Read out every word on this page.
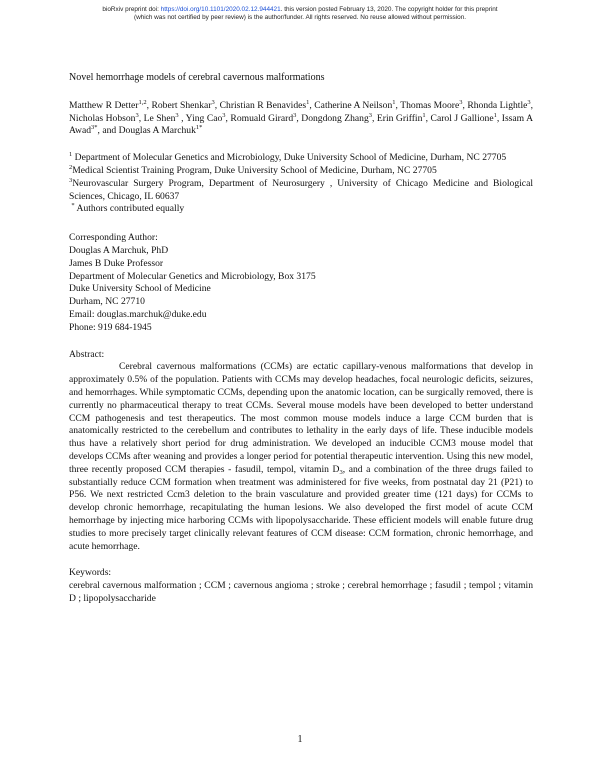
bioRxiv preprint doi: https://doi.org/10.1101/2020.02.12.944421. this version posted February 13, 2020. The copyright holder for this preprint
(which was not certified by peer review) is the author/funder. All rights reserved. No reuse allowed without permission.
Novel hemorrhage models of cerebral cavernous malformations
Matthew R Detter$^{1,2}$, Robert Shenkar$^3$, Christian R Benavides$^1$, Catherine A Neilson$^1$, Thomas Moore$^3$, Rhonda Lightle$^3$, Nicholas Hobson$^3$, Le Shen$^3$ , Ying Cao$^3$, Romuald Girard$^3$, Dongdong Zhang$^3$, Erin Griffin$^1$, Carol J Gallione$^1$, Issam A Awad$^{3*}$, and Douglas A Marchuk$^{1*}$

$^1$ Department of Molecular Genetics and Microbiology, Duke University School of Medicine, Durham, NC 27705

$^2$Medical Scientist Training Program, Duke University School of Medicine, Durham, NC 27705

$^3$Neurovascular Surgery Program, Department of Neurosurgery , University of Chicago Medicine and Biological Sciences, Chicago, IL 60637

* Authors contributed equally

Corresponding Author:
Douglas A Marchuk, PhD
James B Duke Professor
Department of Molecular Genetics and Microbiology, Box 3175
Duke University School of Medicine
Durham, NC 27710
Email: douglas.marchuk@duke.edu
Phone: 919 684-1945

Abstract:

Cerebral cavernous malformations (CCMs) are ectatic capillary-venous malformations that develop in approximately 0.5% of the population. Patients with CCMs may develop headaches, focal neurologic deficits, seizures, and hemorrhages. While symptomatic CCMs, depending upon the anatomic location, can be surgically removed, there is currently no pharmaceutical therapy to treat CCMs. Several mouse models have been developed to better understand CCM pathogenesis and test therapeutics. The most common mouse models induce a large CCM burden that is anatomically restricted to the cerebellum and contributes to lethality in the early days of life. These inducible models thus have a relatively short period for drug administration. We developed an inducible CCM3 mouse model that develops CCMs after weaning and provides a longer period for potential therapeutic intervention. Using this new model, three recently proposed CCM therapies - fasudil, tempol, vitamin $D_3$, and a combination of the three drugs failed to substantially reduce CCM formation when treatment was administered for five weeks, from postnatal day 21 (P21) to P56. We next restricted Ccm3 deletion to the brain vasculature and provided greater time (121 days) for CCMs to develop chronic hemorrhage, recapitulating the human lesions. We also developed the first model of acute CCM hemorrhage by injecting mice harboring CCMs with lipopolysaccharide. These efficient models will enable future drug studies to more precisely target clinically relevant features of CCM disease: CCM formation, chronic hemorrhage, and acute hemorrhage.

Keywords:

cerebral cavernous malformation ; CCM ; cavernous angioma ; stroke ; cerebral hemorrhage ; fasudil ; tempol ; vitamin D ; lipopolysaccharide

1
